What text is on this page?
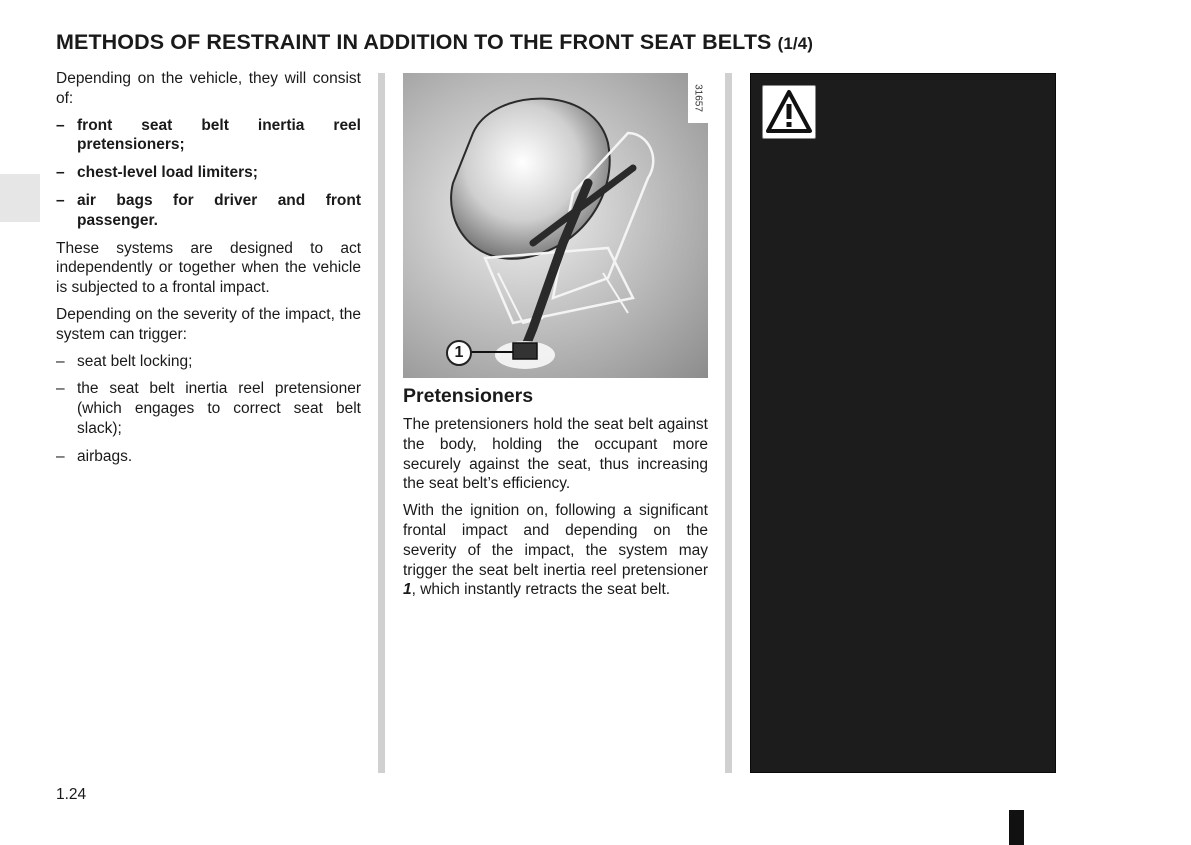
METHODS OF RESTRAINT IN ADDITION TO THE FRONT SEAT BELTS (1/4)

Depending on the vehicle, they will consist of:

– front seat belt inertia reel pretensioners;
– chest-level load limiters;
– air bags for driver and front passenger.

These systems are designed to act independently or together when the vehicle is subjected to a frontal impact.

Depending on the severity of the impact, the system can trigger:

– seat belt locking;
– the seat belt inertia reel pretensioner (which engages to correct seat belt slack);
– airbags.
31657
1
Pretensioners

The pretensioners hold the seat belt against the body, holding the occupant more securely against the seat, thus increasing the seat belt’s efficiency.

With the ignition on, following a significant frontal impact and depending on the severity of the impact, the system may trigger the seat belt inertia reel pretensioner 1, which instantly retracts the seat belt.

1.24
